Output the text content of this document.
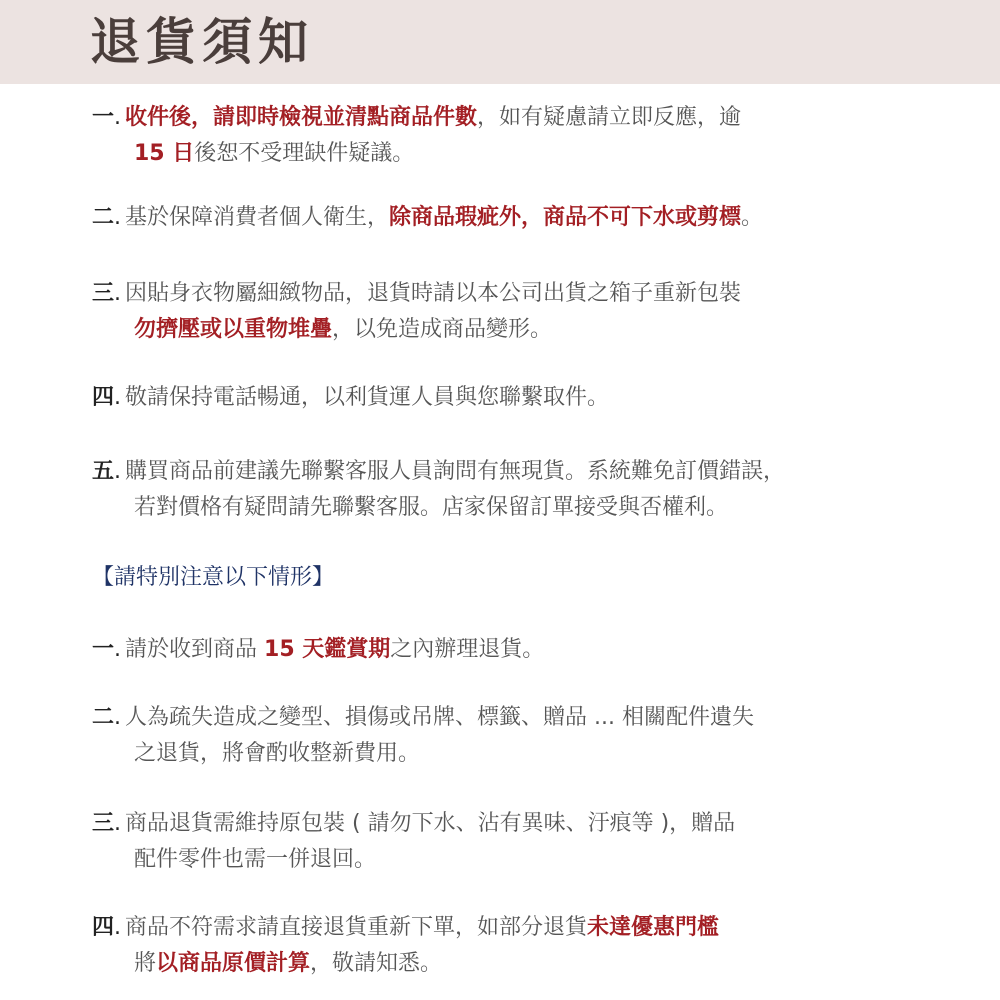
退貨須知
一. 收件後，請即時檢視並清點商品件數，如有疑慮請立即反應，逾
15 日後恕不受理缺件疑議。
二. 基於保障消費者個人衛生，除商品瑕疵外，商品不可下水或剪標。
三. 因貼身衣物屬細緻物品，退貨時請以本公司出貨之箱子重新包裝
勿擠壓或以重物堆疊，以免造成商品變形。
四. 敬請保持電話暢通，以利貨運人員與您聯繫取件。
五. 購買商品前建議先聯繫客服人員詢問有無現貨。系統難免訂價錯誤，
若對價格有疑問請先聯繫客服。店家保留訂單接受與否權利。
【請特別注意以下情形】
一. 請於收到商品 15 天鑑賞期之內辦理退貨。
二. 人為疏失造成之變型、損傷或吊牌、標籤、贈品 ... 相關配件遺失
之退貨，將會酌收整新費用。
三. 商品退貨需維持原包裝 ( 請勿下水、沾有異味、汙痕等 )，贈品
配件零件也需一併退回。
四. 商品不符需求請直接退貨重新下單，如部分退貨未達優惠門檻
將以商品原價計算，敬請知悉。
